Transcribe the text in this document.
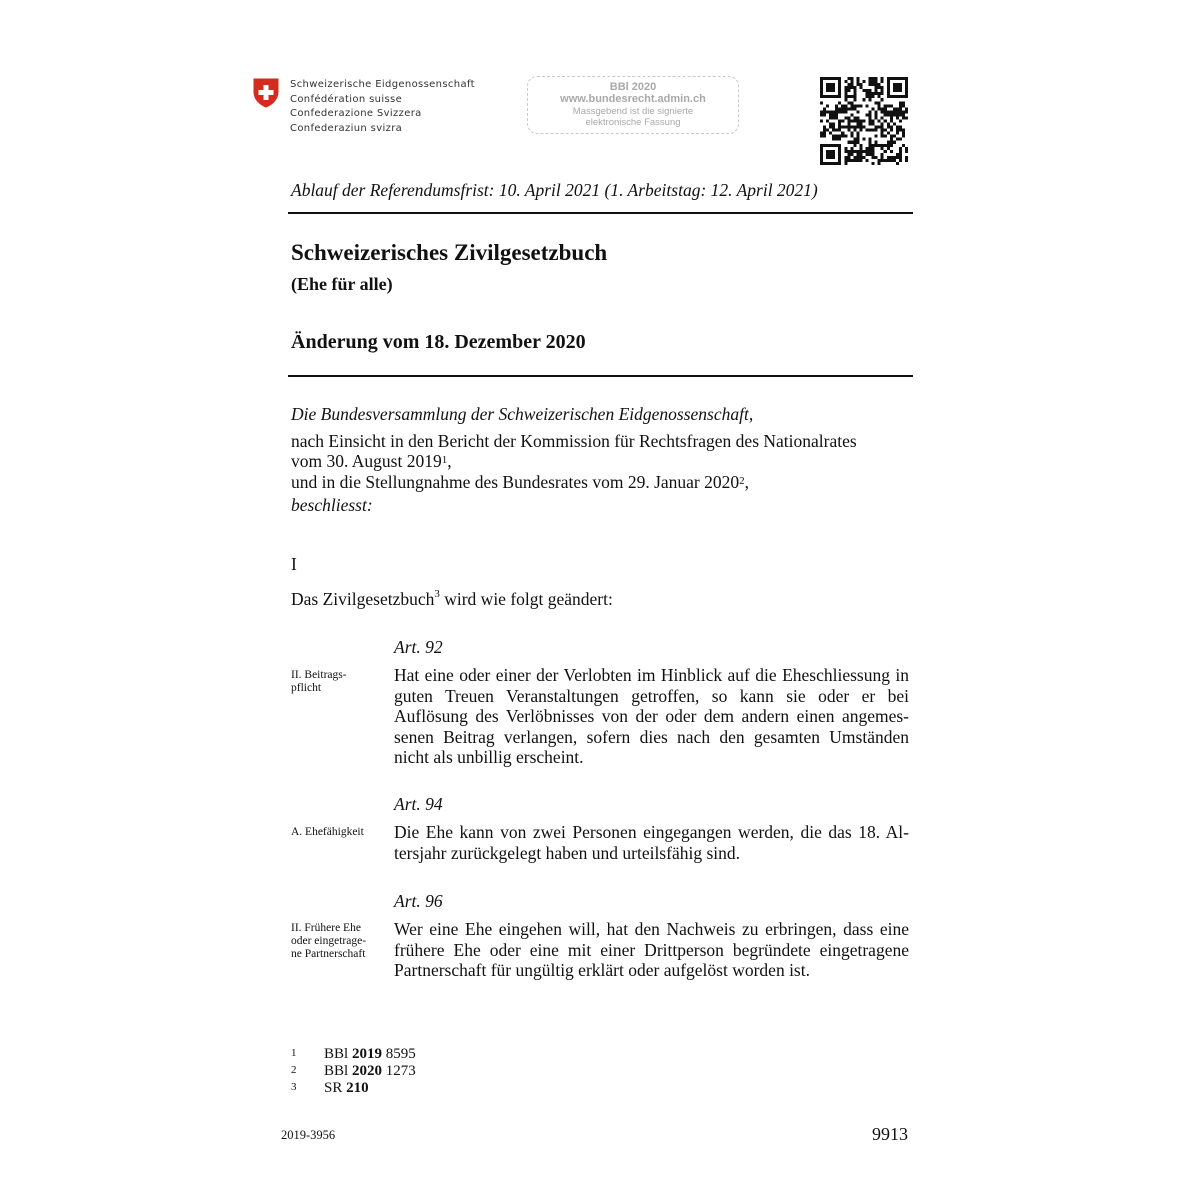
Schweizerische Eidgenossenschaft
Confédération suisse
Confederazione Svizzera
Confederaziun svizra
BBl 2020
www.bundesrecht.admin.ch
Massgebend ist die signierte
elektronische Fassung
Ablauf der Referendumsfrist: 10. April 2021 (1. Arbeitstag: 12. April 2021)
Schweizerisches Zivilgesetzbuch
(Ehe für alle)
Änderung vom 18. Dezember 2020
Die Bundesversammlung der Schweizerischen Eidgenossenschaft,
nach Einsicht in den Bericht der Kommission für Rechtsfragen des Nationalrates
vom 30. August 2019$^1$,
und in die Stellungnahme des Bundesrates vom 29. Januar 2020$^2$,
beschliesst:
I
Das Zivilgesetzbuch$^3$ wird wie folgt geändert:
Art. 92
II. Beitrags-
pflicht
Hat eine oder einer der Verlobten im Hinblick auf die Eheschliessung in guten Treuen Veranstaltungen getroffen, so kann sie oder er bei Auflösung des Verlöbnisses von der oder dem andern einen angemessenen Beitrag verlangen, sofern dies nach den gesamten Umständen nicht als unbillig erscheint.
Art. 94
A. Ehefähigkeit	Die Ehe kann von zwei Personen eingegangen werden, die das 18. Altersjahr zurückgelegt haben und urteilsfähig sind.
Art. 96
II. Frühere Ehe
oder eingetrage-
ne Partnerschaft
Wer eine Ehe eingehen will, hat den Nachweis zu erbringen, dass eine frühere Ehe oder eine mit einer Drittperson begründete eingetragene Partnerschaft für ungültig erklärt oder aufgelöst worden ist.
1	BBl 2019 8595
2	BBl 2020 1273
3	SR 210
2019-3956	9913
